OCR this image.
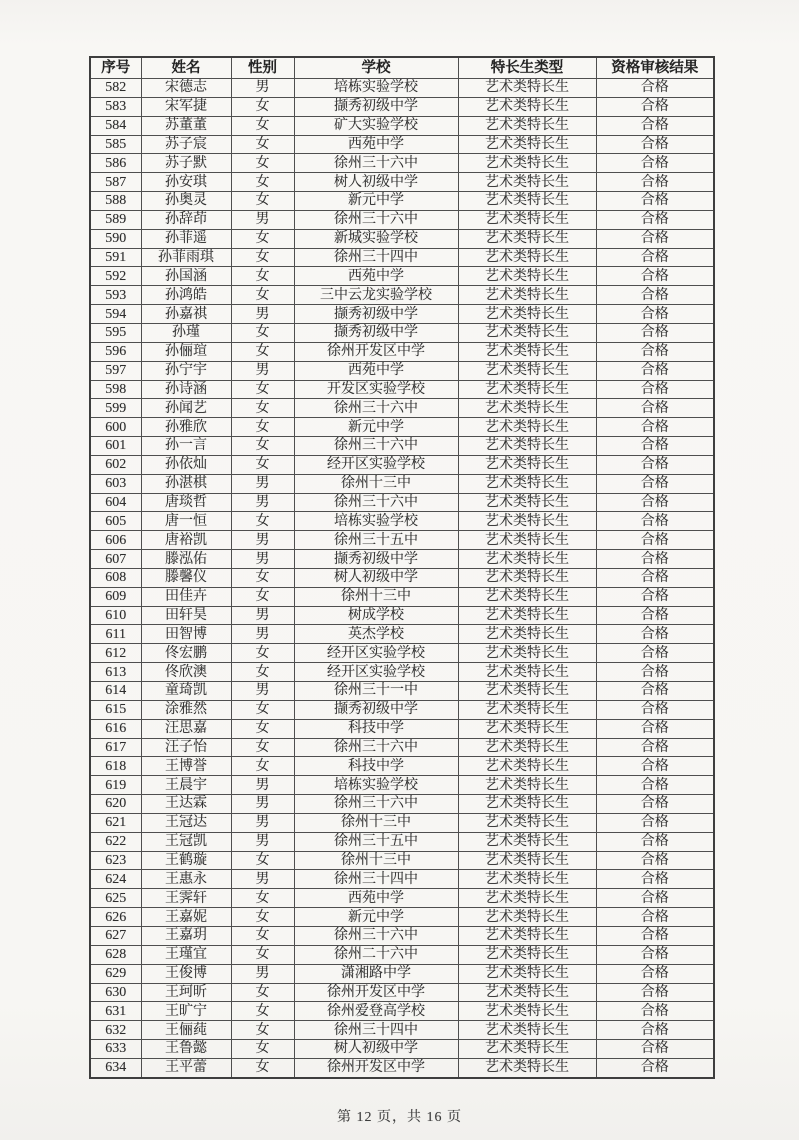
序号	姓名	性别	学校	特长生类型	资格审核结果
582	宋德志	男	培栋实验学校	艺术类特长生	合格
583	宋军捷	女	撷秀初级中学	艺术类特长生	合格
584	苏董董	女	矿大实验学校	艺术类特长生	合格
585	苏子宸	女	西苑中学	艺术类特长生	合格
586	苏子默	女	徐州三十六中	艺术类特长生	合格
587	孙安琪	女	树人初级中学	艺术类特长生	合格
588	孙奥灵	女	新元中学	艺术类特长生	合格
589	孙辞茚	男	徐州三十六中	艺术类特长生	合格
590	孙菲遥	女	新城实验学校	艺术类特长生	合格
591	孙菲雨琪	女	徐州三十四中	艺术类特长生	合格
592	孙国涵	女	西苑中学	艺术类特长生	合格
593	孙鸿皓	女	三中云龙实验学校	艺术类特长生	合格
594	孙嘉祺	男	撷秀初级中学	艺术类特长生	合格
595	孙瑾	女	撷秀初级中学	艺术类特长生	合格
596	孙俪瑄	女	徐州开发区中学	艺术类特长生	合格
597	孙宁宇	男	西苑中学	艺术类特长生	合格
598	孙诗涵	女	开发区实验学校	艺术类特长生	合格
599	孙闻艺	女	徐州三十六中	艺术类特长生	合格
600	孙雅欣	女	新元中学	艺术类特长生	合格
601	孙一言	女	徐州三十六中	艺术类特长生	合格
602	孙依灿	女	经开区实验学校	艺术类特长生	合格
603	孙湛棋	男	徐州十三中	艺术类特长生	合格
604	唐琰哲	男	徐州三十六中	艺术类特长生	合格
605	唐一恒	女	培栋实验学校	艺术类特长生	合格
606	唐裕凯	男	徐州三十五中	艺术类特长生	合格
607	滕泓佑	男	撷秀初级中学	艺术类特长生	合格
608	滕馨仪	女	树人初级中学	艺术类特长生	合格
609	田佳卉	女	徐州十三中	艺术类特长生	合格
610	田轩昊	男	树成学校	艺术类特长生	合格
611	田智博	男	英杰学校	艺术类特长生	合格
612	佟宏鹏	女	经开区实验学校	艺术类特长生	合格
613	佟欣澳	女	经开区实验学校	艺术类特长生	合格
614	童琦凯	男	徐州三十一中	艺术类特长生	合格
615	涂雅然	女	撷秀初级中学	艺术类特长生	合格
616	汪思嘉	女	科技中学	艺术类特长生	合格
617	汪子怡	女	徐州三十六中	艺术类特长生	合格
618	王博誉	女	科技中学	艺术类特长生	合格
619	王晨宇	男	培栋实验学校	艺术类特长生	合格
620	王达霖	男	徐州三十六中	艺术类特长生	合格
621	王冠达	男	徐州十三中	艺术类特长生	合格
622	王冠凯	男	徐州三十五中	艺术类特长生	合格
623	王鹤璇	女	徐州十三中	艺术类特长生	合格
624	王惠永	男	徐州三十四中	艺术类特长生	合格
625	王霁轩	女	西苑中学	艺术类特长生	合格
626	王嘉妮	女	新元中学	艺术类特长生	合格
627	王嘉玥	女	徐州三十六中	艺术类特长生	合格
628	王瑾宜	女	徐州二十六中	艺术类特长生	合格
629	王俊博	男	潇湘路中学	艺术类特长生	合格
630	王珂昕	女	徐州开发区中学	艺术类特长生	合格
631	王旷宁	女	徐州爱登高学校	艺术类特长生	合格
632	王俪莼	女	徐州三十四中	艺术类特长生	合格
633	王鲁懿	女	树人初级中学	艺术类特长生	合格
634	王平蕾	女	徐州开发区中学	艺术类特长生	合格
第 12 页，共 16 页
